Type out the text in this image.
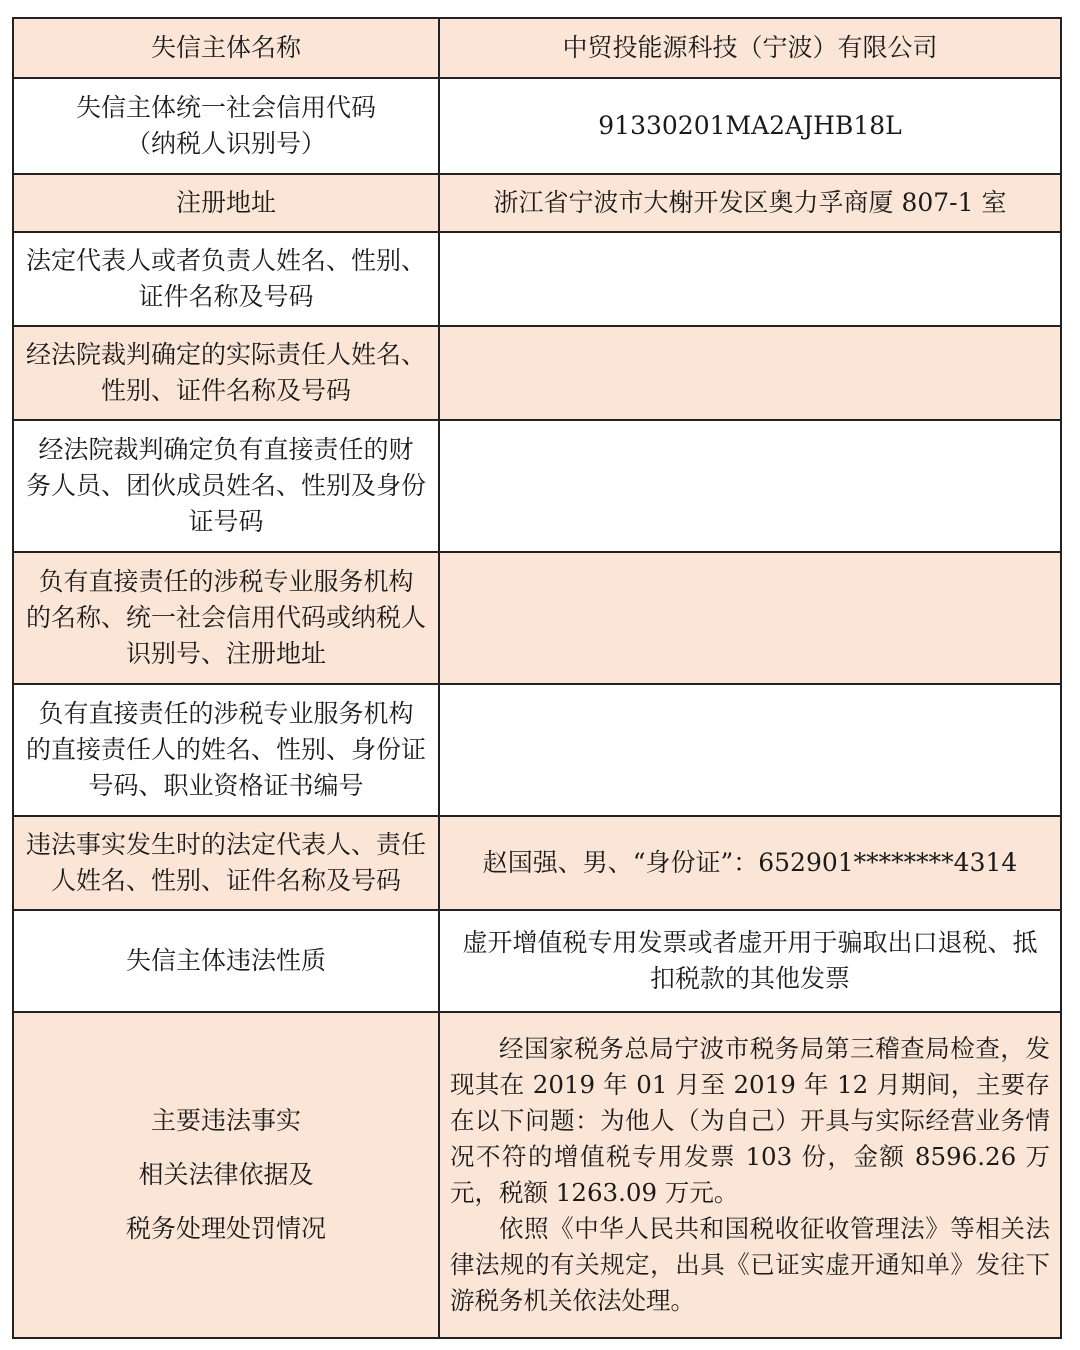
失信主体名称	中贸投能源科技（宁波）有限公司

失信主体统一社会信用代码
（纳税人识别号）	91330201MA2AJHB18L

注册地址	浙江省宁波市大榭开发区奥力孚商厦 807-1 室

法定代表人或者负责人姓名、性别、
证件名称及号码	

经法院裁判确定的实际责任人姓名、
性别、证件名称及号码	

经法院裁判确定负有直接责任的财
务人员、团伙成员姓名、性别及身份
证号码	

负有直接责任的涉税专业服务机构
的名称、统一社会信用代码或纳税人
识别号、注册地址	

负有直接责任的涉税专业服务机构
的直接责任人的姓名、性别、身份证
号码、职业资格证书编号	

违法事实发生时的法定代表人、责任
人姓名、性别、证件名称及号码	赵国强、男、“身份证”：652901********4314

失信主体违法性质	虚开增值税专用发票或者虚开用于骗取出口退税、抵
扣税款的其他发票

主要违法事实
相关法律依据及
税务处理处罚情况	经国家税务总局宁波市税务局第三稽查局检查，发现其在 2019 年 01 月至 2019 年 12 月期间，主要存在以下问题：为他人（为自己）开具与实际经营业务情况不符的增值税专用发票 103 份，金额 8596.26 万元，税额 1263.09 万元。
依照《中华人民共和国税收征收管理法》等相关法律法规的有关规定，出具《已证实虚开通知单》发往下游税务机关依法处理。
